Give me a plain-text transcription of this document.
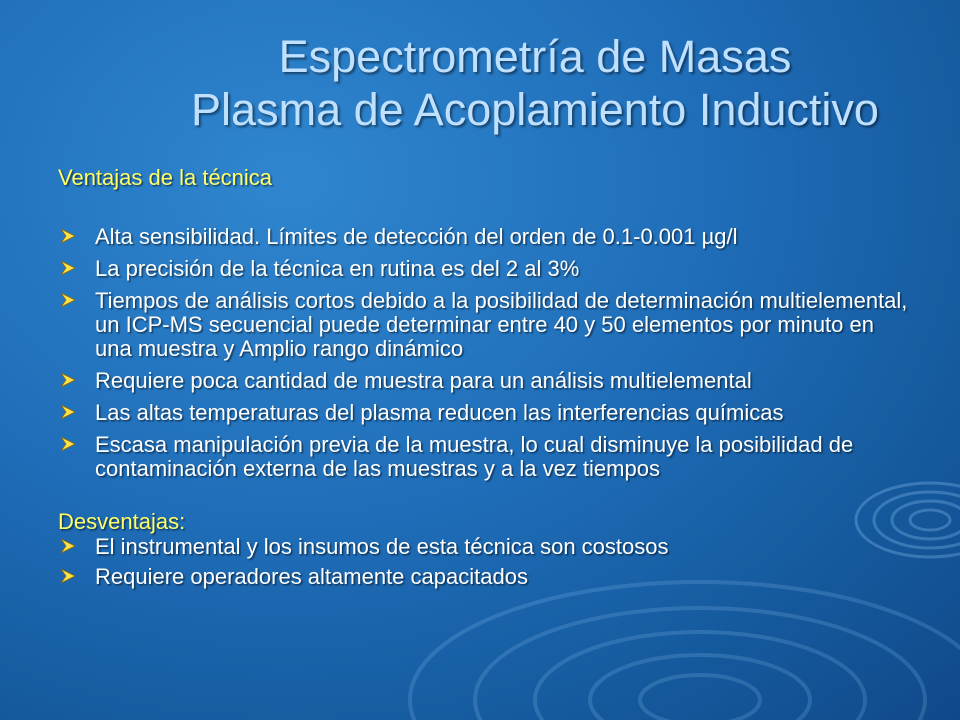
Espectrometría de Masas
Plasma de Acoplamiento Inductivo
Ventajas de la técnica
Alta sensibilidad. Límites de detección del orden de 0.1-0.001 µg/l
La precisión de la técnica en rutina es del 2 al 3%
Tiempos de análisis cortos debido a la posibilidad de determinación multielemental, un ICP-MS secuencial puede determinar entre 40 y 50 elementos por minuto en una muestra y Amplio rango dinámico
Requiere poca cantidad de muestra para un análisis multielemental
Las altas temperaturas del plasma reducen las interferencias químicas
Escasa manipulación previa de la muestra, lo cual disminuye la posibilidad de contaminación externa de las muestras y a la vez tiempos
Desventajas:
El instrumental y los insumos de esta técnica son costosos
Requiere operadores altamente capacitados
